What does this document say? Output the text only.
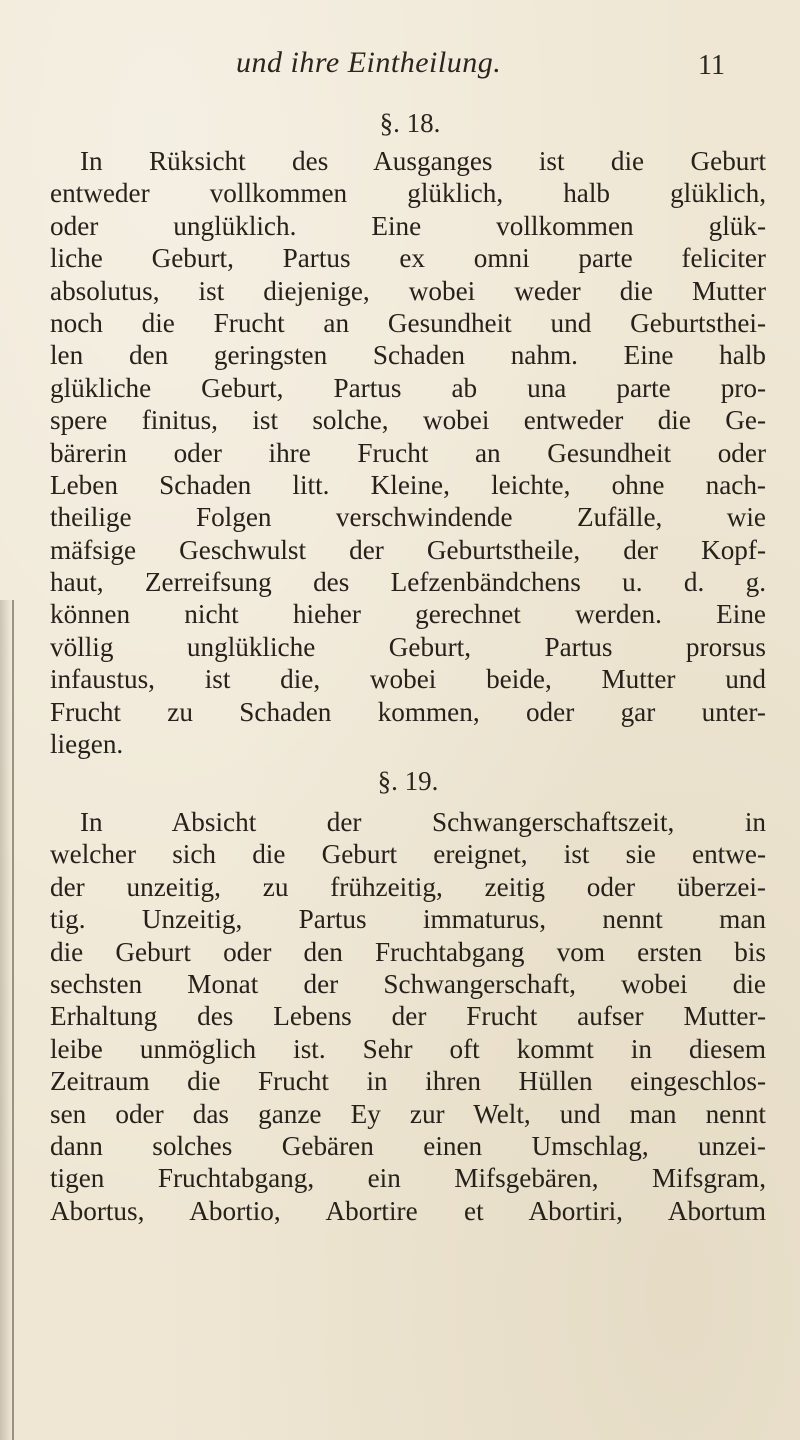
und ihre Eintheilung.	11
§. 18.
In Rüksicht des Ausganges ist die Geburt
entweder vollkommen glüklich, halb glüklich,
oder unglüklich. Eine vollkommen glük-
liche Geburt, Partus ex omni parte feliciter
absolutus, ist diejenige, wobei weder die Mutter
noch die Frucht an Gesundheit und Geburtsthei-
len den geringsten Schaden nahm. Eine halb
glükliche Geburt, Partus ab una parte pro-
spere finitus, ist solche, wobei entweder die Ge-
bärerin oder ihre Frucht an Gesundheit oder
Leben Schaden litt. Kleine, leichte, ohne nach-
theilige Folgen verschwindende Zufälle, wie
mäfsige Geschwulst der Geburtstheile, der Kopf-
haut, Zerreifsung des Lefzenbändchens u. d. g.
können nicht hieher gerechnet werden. Eine
völlig unglükliche Geburt, Partus prorsus
infaustus, ist die, wobei beide, Mutter und
Frucht zu Schaden kommen, oder gar unter-
liegen.
§. 19.
In Absicht der Schwangerschaftszeit, in
welcher sich die Geburt ereignet, ist sie entwe-
der unzeitig, zu frühzeitig, zeitig oder überzei-
tig. Unzeitig, Partus immaturus, nennt man
die Geburt oder den Fruchtabgang vom ersten bis
sechsten Monat der Schwangerschaft, wobei die
Erhaltung des Lebens der Frucht aufser Mutter-
leibe unmöglich ist. Sehr oft kommt in diesem
Zeitraum die Frucht in ihren Hüllen eingeschlos-
sen oder das ganze Ey zur Welt, und man nennt
dann solches Gebären einen Umschlag, unzei-
tigen Fruchtabgang, ein Mifsgebären, Mifsgram,
Abortus, Abortio, Abortire et Abortiri, Abortum
